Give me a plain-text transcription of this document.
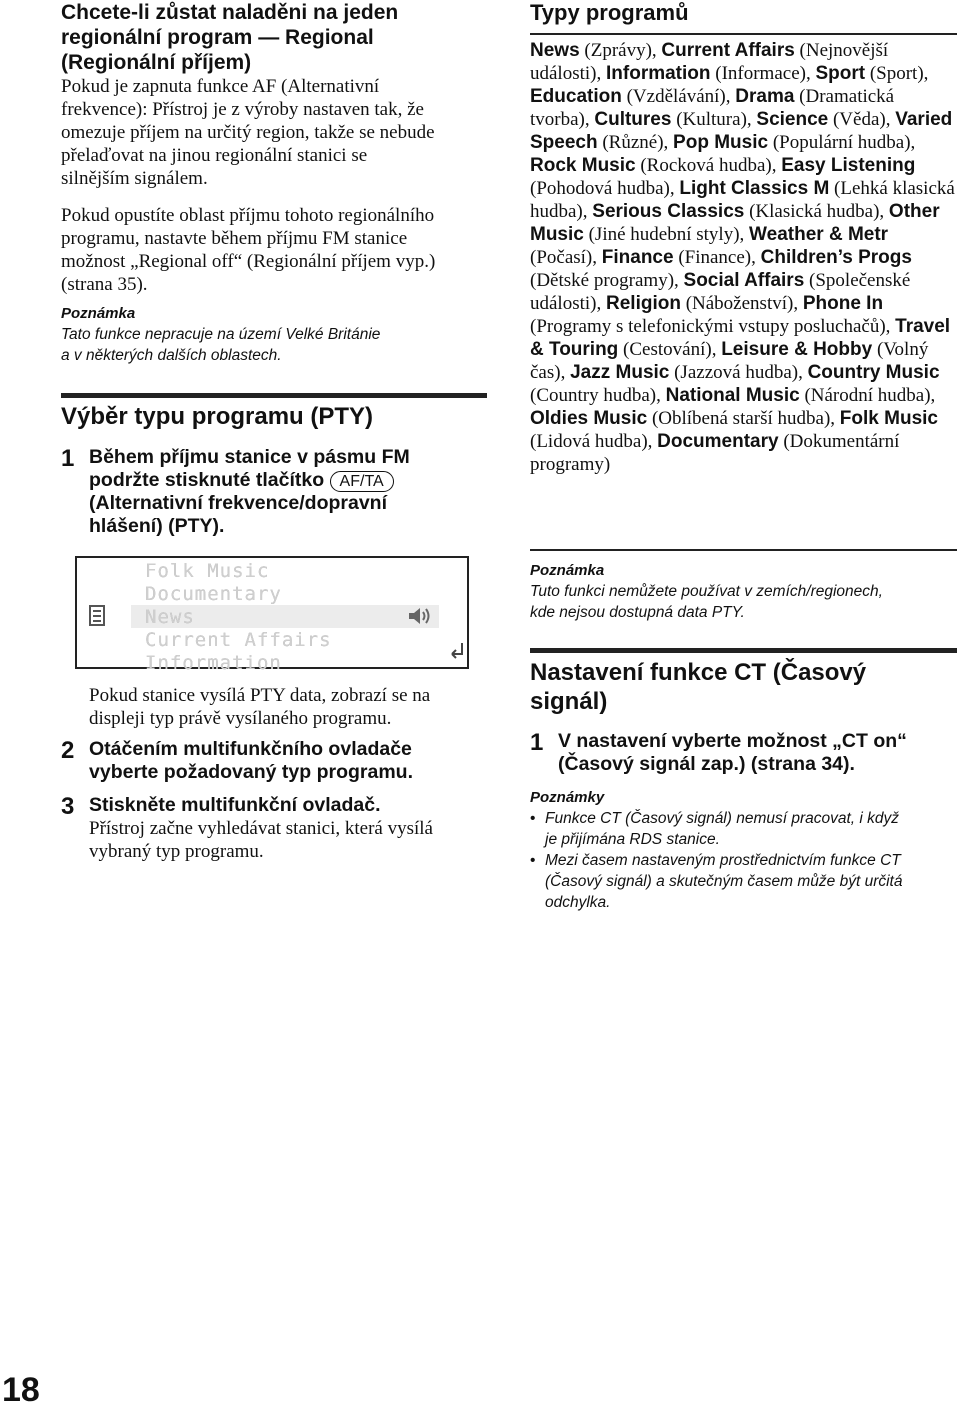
Chcete-li zůstat naladěni na jeden
regionální program — Regional
(Regionální příjem)

Pokud je zapnuta funkce AF (Alternativní
frekvence): Přístroj je z výroby nastaven tak, že
omezuje příjem na určitý region, takže se nebude
přelaďovat na jinou regionální stanici se
silnějším signálem.

Pokud opustíte oblast příjmu tohoto regionálního
programu, nastavte během příjmu FM stanice
možnost „Regional off“ (Regionální příjem vyp.)
(strana 35).

Poznámka

Tato funkce nepracuje na území Velké Británie
a v některých dalších oblastech.

Výběr typu programu (PTY)

1 Během příjmu stanice v pásmu FM
podržte stisknuté tlačítko AF/TA
(Alternativní frekvence/dopravní
hlášení) (PTY).
Folk Music
Documentary
News
Current Affairs
Information

Pokud stanice vysílá PTY data, zobrazí se na
displeji typ právě vysílaného programu.

2 Otáčením multifunkčního ovladače
vyberte požadovaný typ programu.
3 Stiskněte multifunkční ovladač.

Přístroj začne vyhledávat stanici, která vysílá
vybraný typ programu.

Typy programů

News (Zprávy), Current Affairs (Nejnovější události), Information (Informace), Sport (Sport), Education (Vzdělávání), Drama (Dramatická tvorba), Cultures (Kultura), Science (Věda), Varied Speech (Různé), Pop Music (Populární hudba), Rock Music (Rocková hudba), Easy Listening (Pohodová hudba), Light Classics M (Lehká klasická hudba), Serious Classics (Klasická hudba), Other Music (Jiné hudební styly), Weather & Metr (Počasí), Finance (Finance), Children’s Progs (Dětské programy), Social Affairs (Společenské události), Religion (Náboženství), Phone In (Programy s telefonickými vstupy posluchačů), Travel & Touring (Cestování), Leisure & Hobby (Volný čas), Jazz Music (Jazzová hudba), Country Music (Country hudba), National Music (Národní hudba), Oldies Music (Oblíbená starší hudba), Folk Music (Lidová hudba), Documentary (Dokumentární programy)

Poznámka

Tuto funkci nemůžete používat v zemích/regionech,
kde nejsou dostupná data PTY.

Nastavení funkce CT (Časový
signál)

1 V nastavení vyberte možnost „CT on“
(Časový signál zap.) (strana 34).

Poznámky

• Funkce CT (Časový signál) nemusí pracovat, i když
je přijímána RDS stanice.
• Mezi časem nastaveným prostřednictvím funkce CT
(Časový signál) a skutečným časem může být určitá
odchylka.
18
